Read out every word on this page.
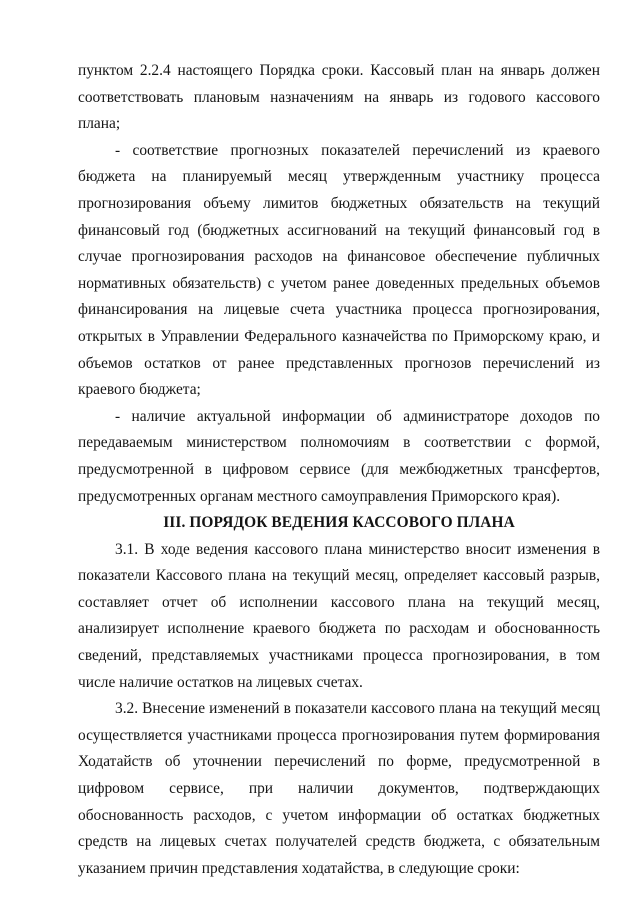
пунктом 2.2.4 настоящего Порядка сроки. Кассовый план на январь должен соответствовать плановым назначениям на январь из годового кассового плана;

- соответствие прогнозных показателей перечислений из краевого бюджета на планируемый месяц утвержденным участнику процесса прогнозирования объему лимитов бюджетных обязательств на текущий финансовый год (бюджетных ассигнований на текущий финансовый год в случае прогнозирования расходов на финансовое обеспечение публичных нормативных обязательств) с учетом ранее доведенных предельных объемов финансирования на лицевые счета участника процесса прогнозирования, открытых в Управлении Федерального казначейства по Приморскому краю, и объемов остатков от ранее представленных прогнозов перечислений из краевого бюджета;

- наличие актуальной информации об администраторе доходов по передаваемым министерством полномочиям в соответствии с формой, предусмотренной в цифровом сервисе (для межбюджетных трансфертов, предусмотренных органам местного самоуправления Приморского края).

III. ПОРЯДОК ВЕДЕНИЯ КАССОВОГО ПЛАНА

3.1. В ходе ведения кассового плана министерство вносит изменения в показатели Кассового плана на текущий месяц, определяет кассовый разрыв, составляет отчет об исполнении кассового плана на текущий месяц, анализирует исполнение краевого бюджета по расходам и обоснованность сведений, представляемых участниками процесса прогнозирования, в том числе наличие остатков на лицевых счетах.

3.2. Внесение изменений в показатели кассового плана на текущий месяц осуществляется участниками процесса прогнозирования путем формирования Ходатайств об уточнении перечислений по форме, предусмотренной в цифровом сервисе, при наличии документов, подтверждающих обоснованность расходов, с учетом информации об остатках бюджетных средств на лицевых счетах получателей средств бюджета, с обязательным указанием причин представления ходатайства, в следующие сроки:
